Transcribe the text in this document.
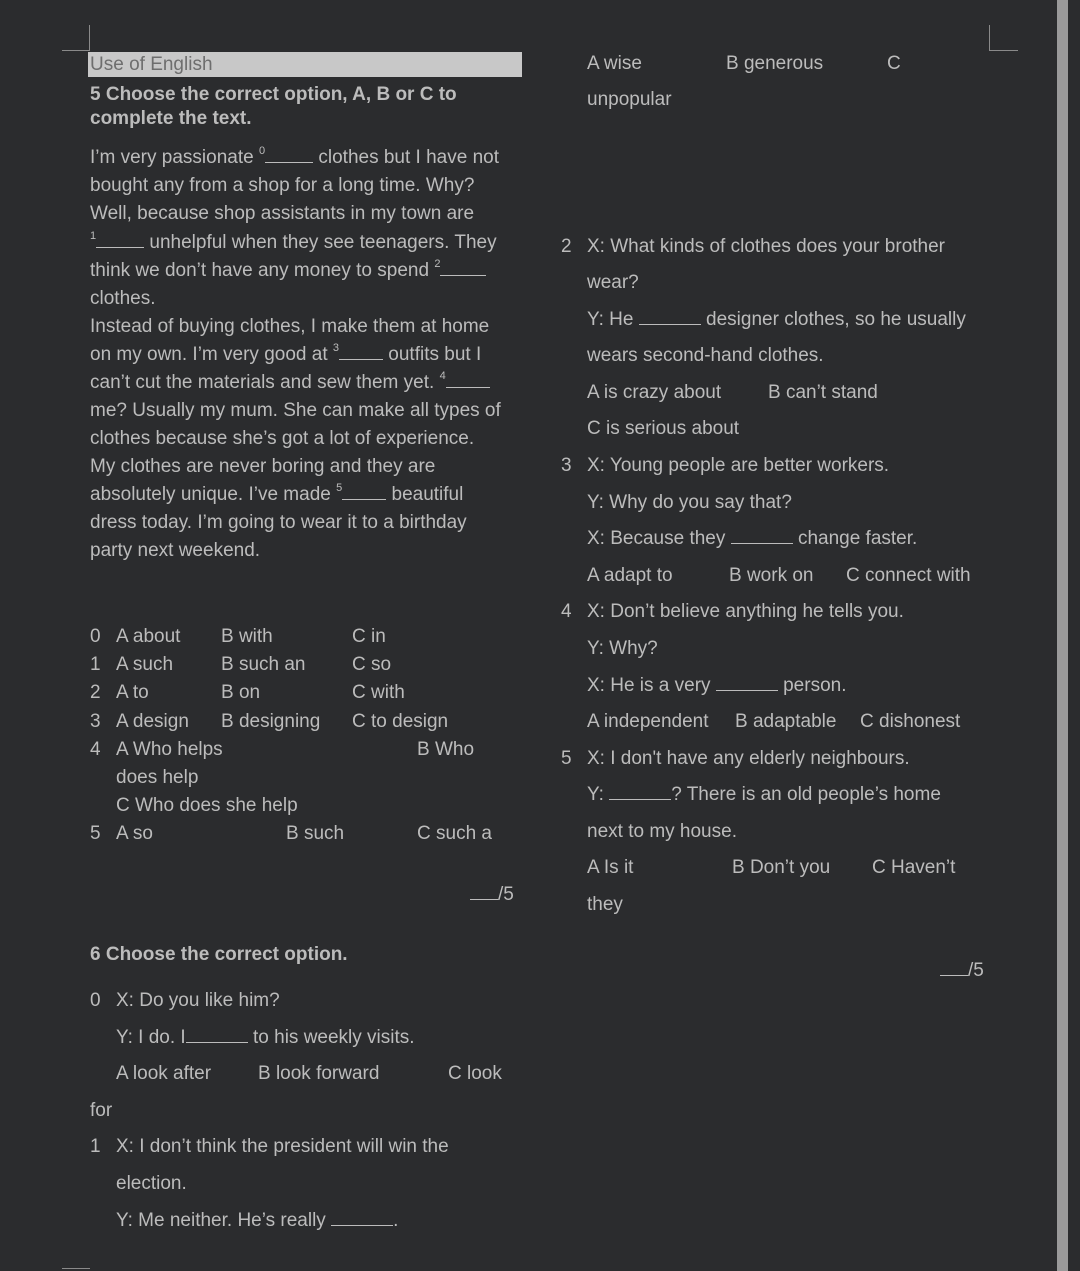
Use of English
5 Choose the correct option, A, B or C to
complete the text.
I’m very passionate $^0$	clothes but I have not
bought any from a shop for a long time. Why?
Well, because shop assistants in my town are
$^1$	unhelpful when they see teenagers. They
think we don’t have any money to spend $^2$
clothes.
Instead of buying clothes, I make them at home
on my own. I’m very good at $^3$	outfits but I
can’t cut the materials and sew them yet. $^4$
me? Usually my mum. She can make all types of
clothes because she’s got a lot of experience.
My clothes are never boring and they are
absolutely unique. I’ve made $^5$	beautiful
dress today. I’m going to wear it to a birthday
party next weekend.
0 A about B with	C in
1 A such	B such an C so
2 A to	B on	C with
3 A design B designing C to design
4 A Who helps	B Who
does help
C Who does she help
5 A so	B such	C such a
/5
6 Choose the correct option.
0 X: Do you like him?
Y: I do. I	to his weekly visits.
A look after B look forward	C look
for
1 X: I don’t think the president will win the
election.
Y: Me neither. He’s really	.
A wise	B generous	C
unpopular
2 X: What kinds of clothes does your brother
wear?
Y: He	designer clothes, so he usually
wears second-hand clothes.
A is crazy about B can’t stand
C is serious about
3 X: Young people are better workers.
Y: Why do you say that?
X: Because they	change faster.
A adapt to	B work on C connect with
4 X: Don’t believe anything he tells you.
Y: Why?
X: He is a very	person.
A independent B adaptable C dishonest
5 X: I don't have any elderly neighbours.
Y:	? There is an old people’s home
next to my house.
A Is it	B Don’t you C Haven’t
they
/5
